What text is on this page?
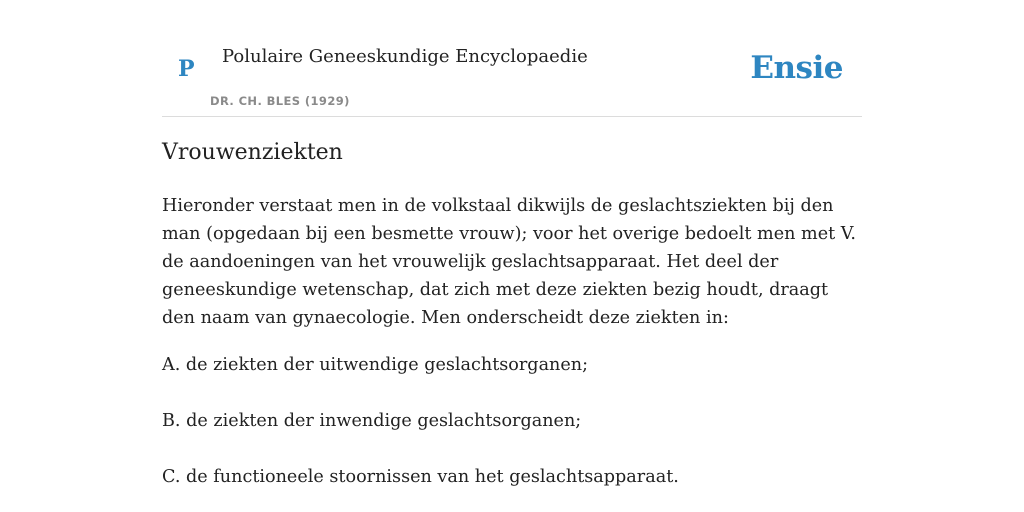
P Polulaire Geneeskundige Encyclopaedie
DR. CH. BLES (1929)
Ensie
Vrouwenziekten

Hieronder verstaat men in de volkstaal dikwijls de geslachtsziekten bij den man (opgedaan bij een besmette vrouw); voor het overige bedoelt men met V. de aandoeningen van het vrouwelijk geslachtsapparaat. Het deel der geneeskundige wetenschap, dat zich met deze ziekten bezig houdt, draagt den naam van gynaecologie. Men onderscheidt deze ziekten in:

A. de ziekten der uitwendige geslachtsorganen;

B. de ziekten der inwendige geslachtsorganen;

C. de functioneele stoornissen van het geslachtsapparaat.
